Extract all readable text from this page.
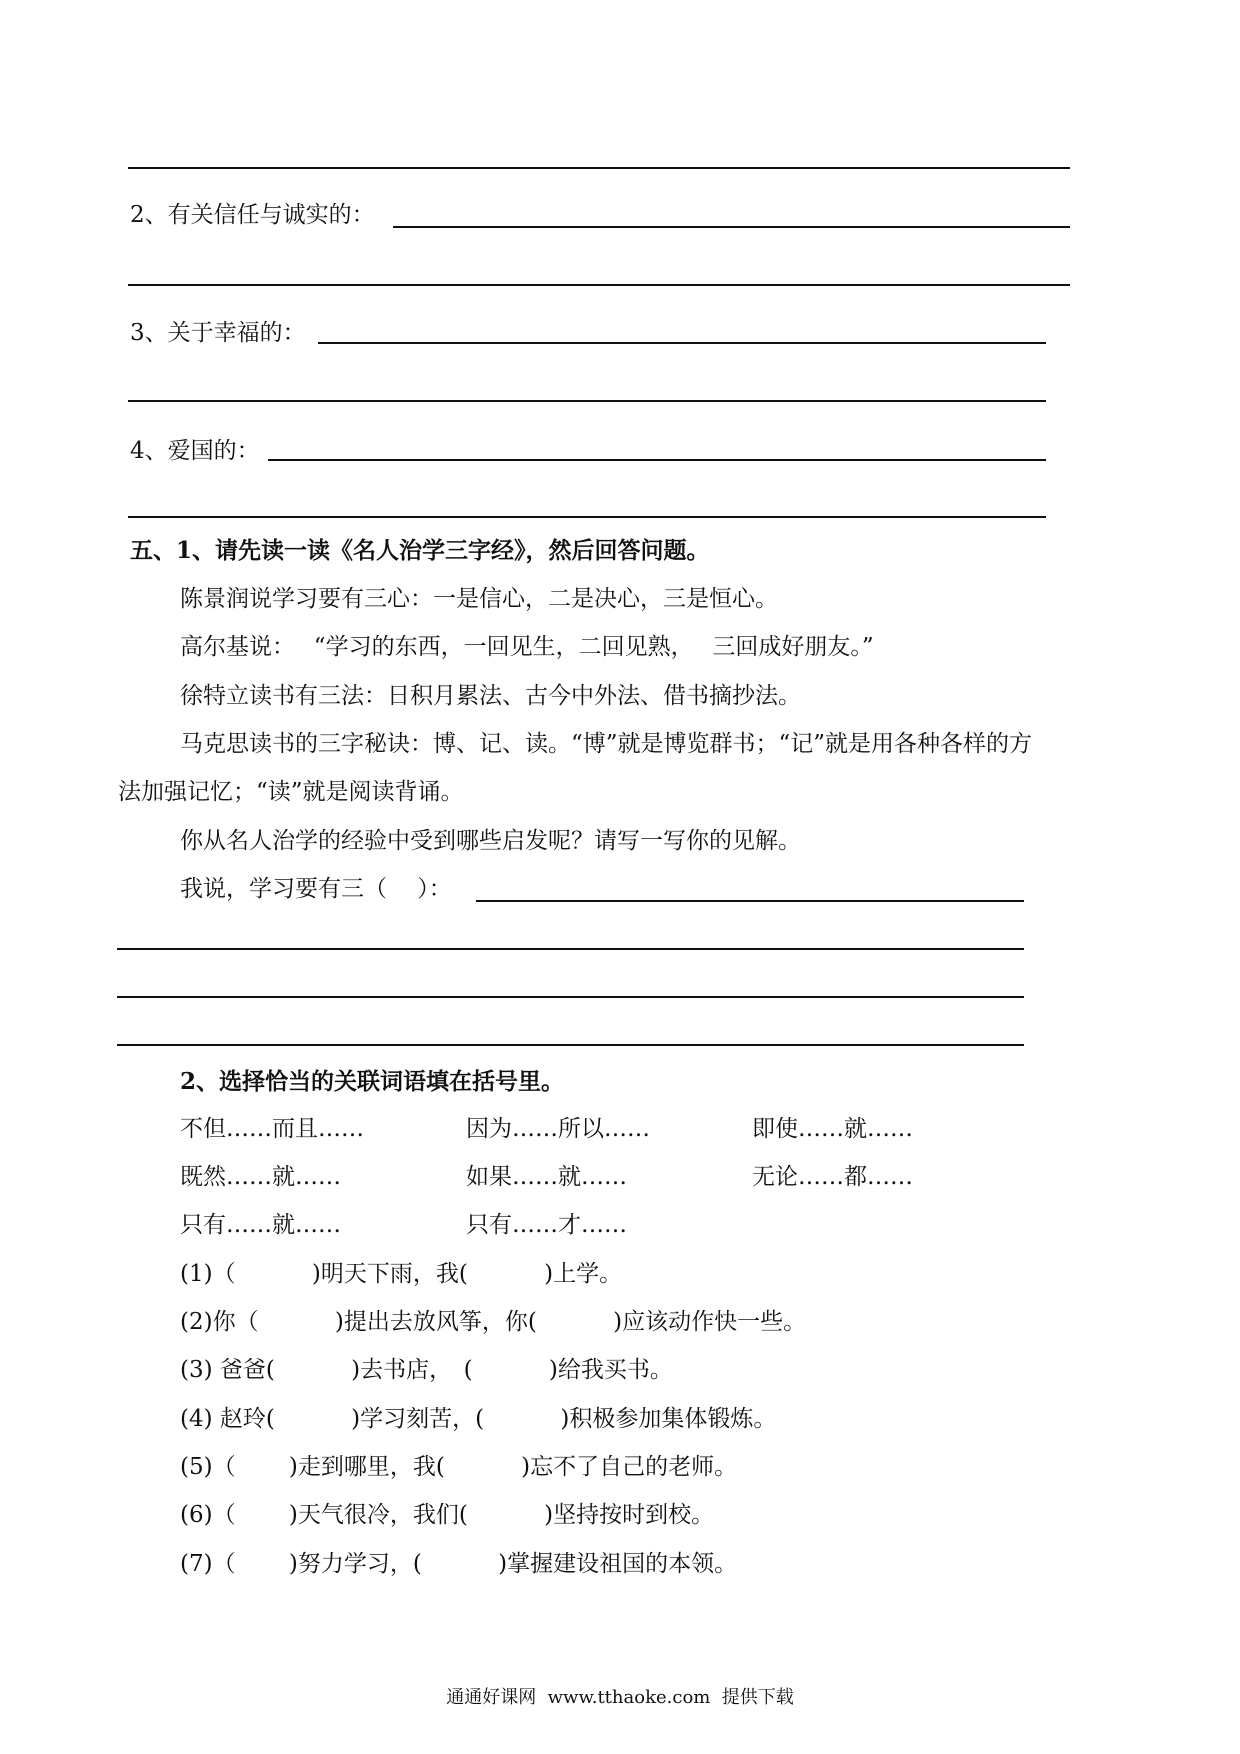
2、有关信任与诚实的：
3、关于幸福的：
4、爱国的：
五、1、请先读一读《名人治学三字经》，然后回答问题。
陈景润说学习要有三心：一是信心，二是决心，三是恒心。
高尔基说：　 “学习的东西，一回见生，二回见熟，　 三回成好朋友。”
徐特立读书有三法：日积月累法、古今中外法、借书摘抄法。
马克思读书的三字秘诀：博、记、读。“博”就是博览群书；“记”就是用各种各样的方
法加强记忆；“读”就是阅读背诵。
你从名人治学的经验中受到哪些启发呢？请写一写你的见解。
我说，学习要有三（　 ）：
2、选择恰当的关联词语填在括号里。
不但……而且……	因为……所以……	即使……就……
既然……就……	如果……就……	无论……都……
只有……就……	只有……才……
(1)（　　　 )明天下雨，我(　　　 )上学。
(2)你（　　　 )提出去放风筝，你(　　　 )应该动作快一些。
(3) 爸爸(　　　 )去书店，　(　　　 )给我买书。
(4) 赵玲(　　　 )学习刻苦，(　　　 )积极参加集体锻炼。
(5)（　　 )走到哪里，我(　　　 )忘不了自己的老师。
(6)（　　 )天气很冷，我们(　　　 )坚持按时到校。
(7)（　　 )努力学习，(　　　 )掌握建设祖国的本领。
通通好课网  www.tthaoke.com  提供下载
